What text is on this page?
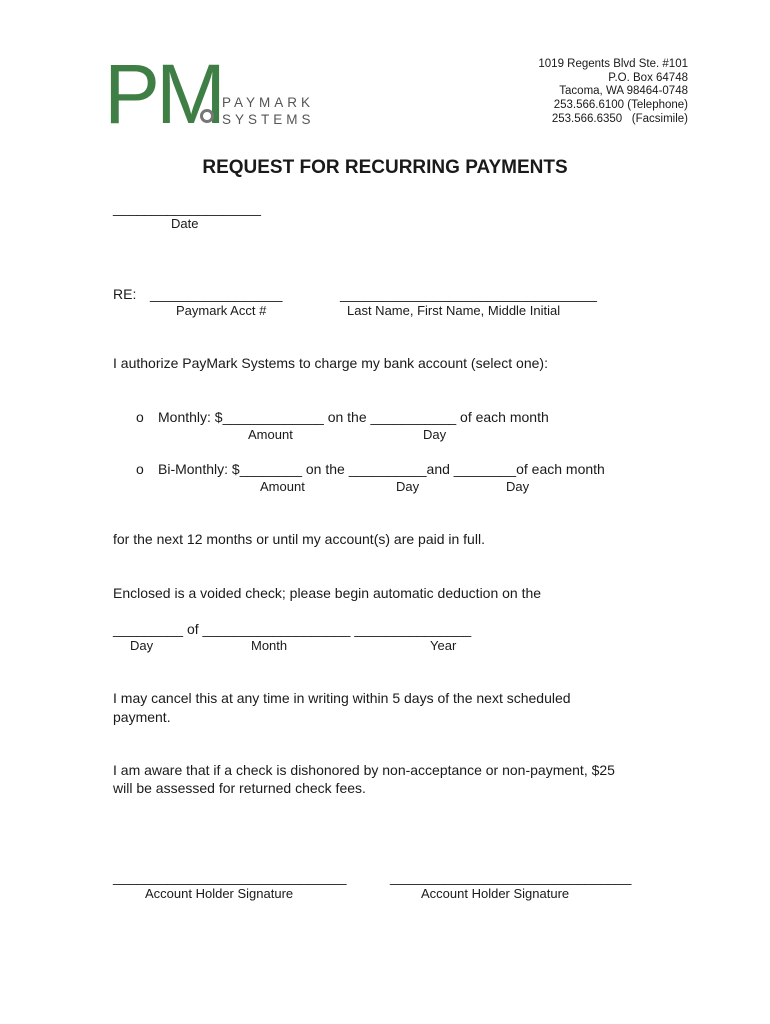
PM PAYMARK
SYSTEMS
1019 Regents Blvd Ste. #101
P.O. Box 64748
Tacoma, WA 98464-0748
253.566.6100 (Telephone)
253.566.6350   (Facsimile)
REQUEST FOR RECURRING PAYMENTS
___________________
Date
RE: _________________
Paymark Acct #
_________________________________
Last Name, First Name, Middle Initial
I authorize PayMark Systems to charge my bank account (select one):
o Monthly: $_____________ on the ___________ of each month
Amount	Day
o Bi-Monthly: $________ on the __________and ________of each month
Amount	Day	Day
for the next 12 months or until my account(s) are paid in full.
Enclosed is a voided check; please begin automatic deduction on the
_________ of ___________________ _______________
Day	Month	Year
I may cancel this at any time in writing within 5 days of the next scheduled
payment.
I am aware that if a check is dishonored by non-acceptance or non-payment, $25
will be assessed for returned check fees.
______________________________
Account Holder Signature
_______________________________
Account Holder Signature
